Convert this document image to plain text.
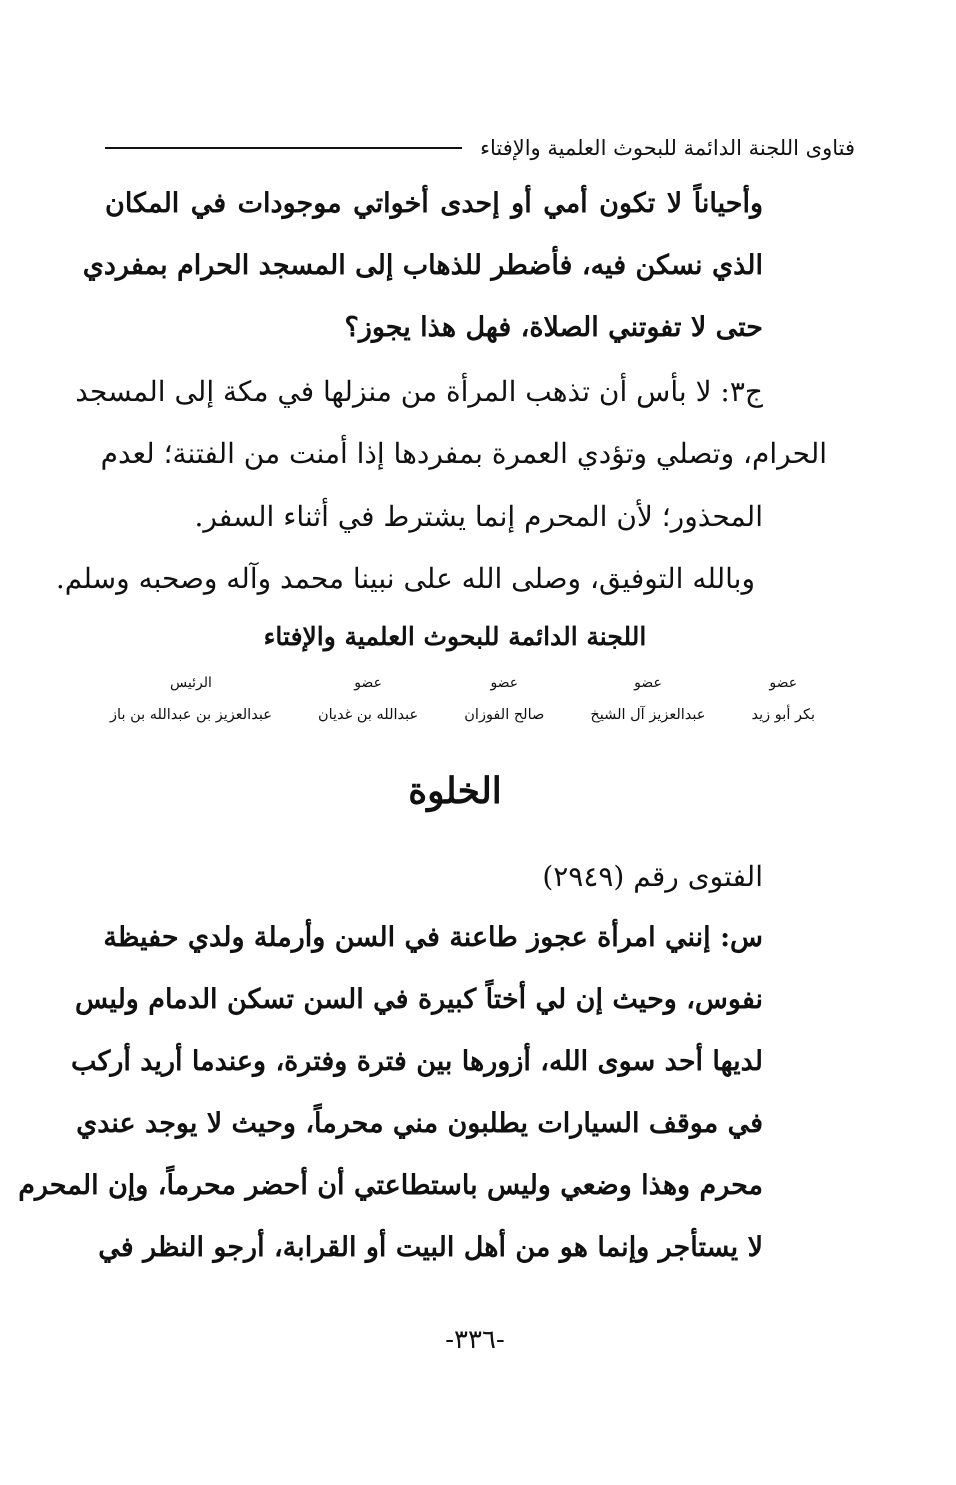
فتاوى اللجنة الدائمة للبحوث العلمية والإفتاء
وأحياناً لا تكون أمي أو إحدى أخواتي موجودات في المكان
الذي نسكن فيه، فأضطر للذهاب إلى المسجد الحرام بمفردي
حتى لا تفوتني الصلاة، فهل هذا يجوز؟
ج٣: لا بأس أن تذهب المرأة من منزلها في مكة إلى المسجد
الحرام، وتصلي وتؤدي العمرة بمفردها إذا أمنت من الفتنة؛ لعدم
المحذور؛ لأن المحرم إنما يشترط في أثناء السفر.
وبالله التوفيق، وصلى الله على نبينا محمد وآله وصحبه وسلم.
اللجنة الدائمة للبحوث العلمية والإفتاء
عضو
بكر أبو زيد
عضو
عبدالعزيز آل الشيخ
عضو
صالح الفوزان
عضو
عبدالله بن غديان
الرئيس
عبدالعزيز بن عبدالله بن باز
الخلوة
الفتوى رقم (٢٩٤٩)
س: إنني امرأة عجوز طاعنة في السن وأرملة ولدي حفيظة
نفوس، وحيث إن لي أختاً كبيرة في السن تسكن الدمام وليس
لديها أحد سوى الله، أزورها بين فترة وفترة، وعندما أريد أركب
في موقف السيارات يطلبون مني محرماً، وحيث لا يوجد عندي
محرم وهذا وضعي وليس باستطاعتي أن أحضر محرماً، وإن المحرم
لا يستأجر وإنما هو من أهل البيت أو القرابة، أرجو النظر في
-٣٣٦-
